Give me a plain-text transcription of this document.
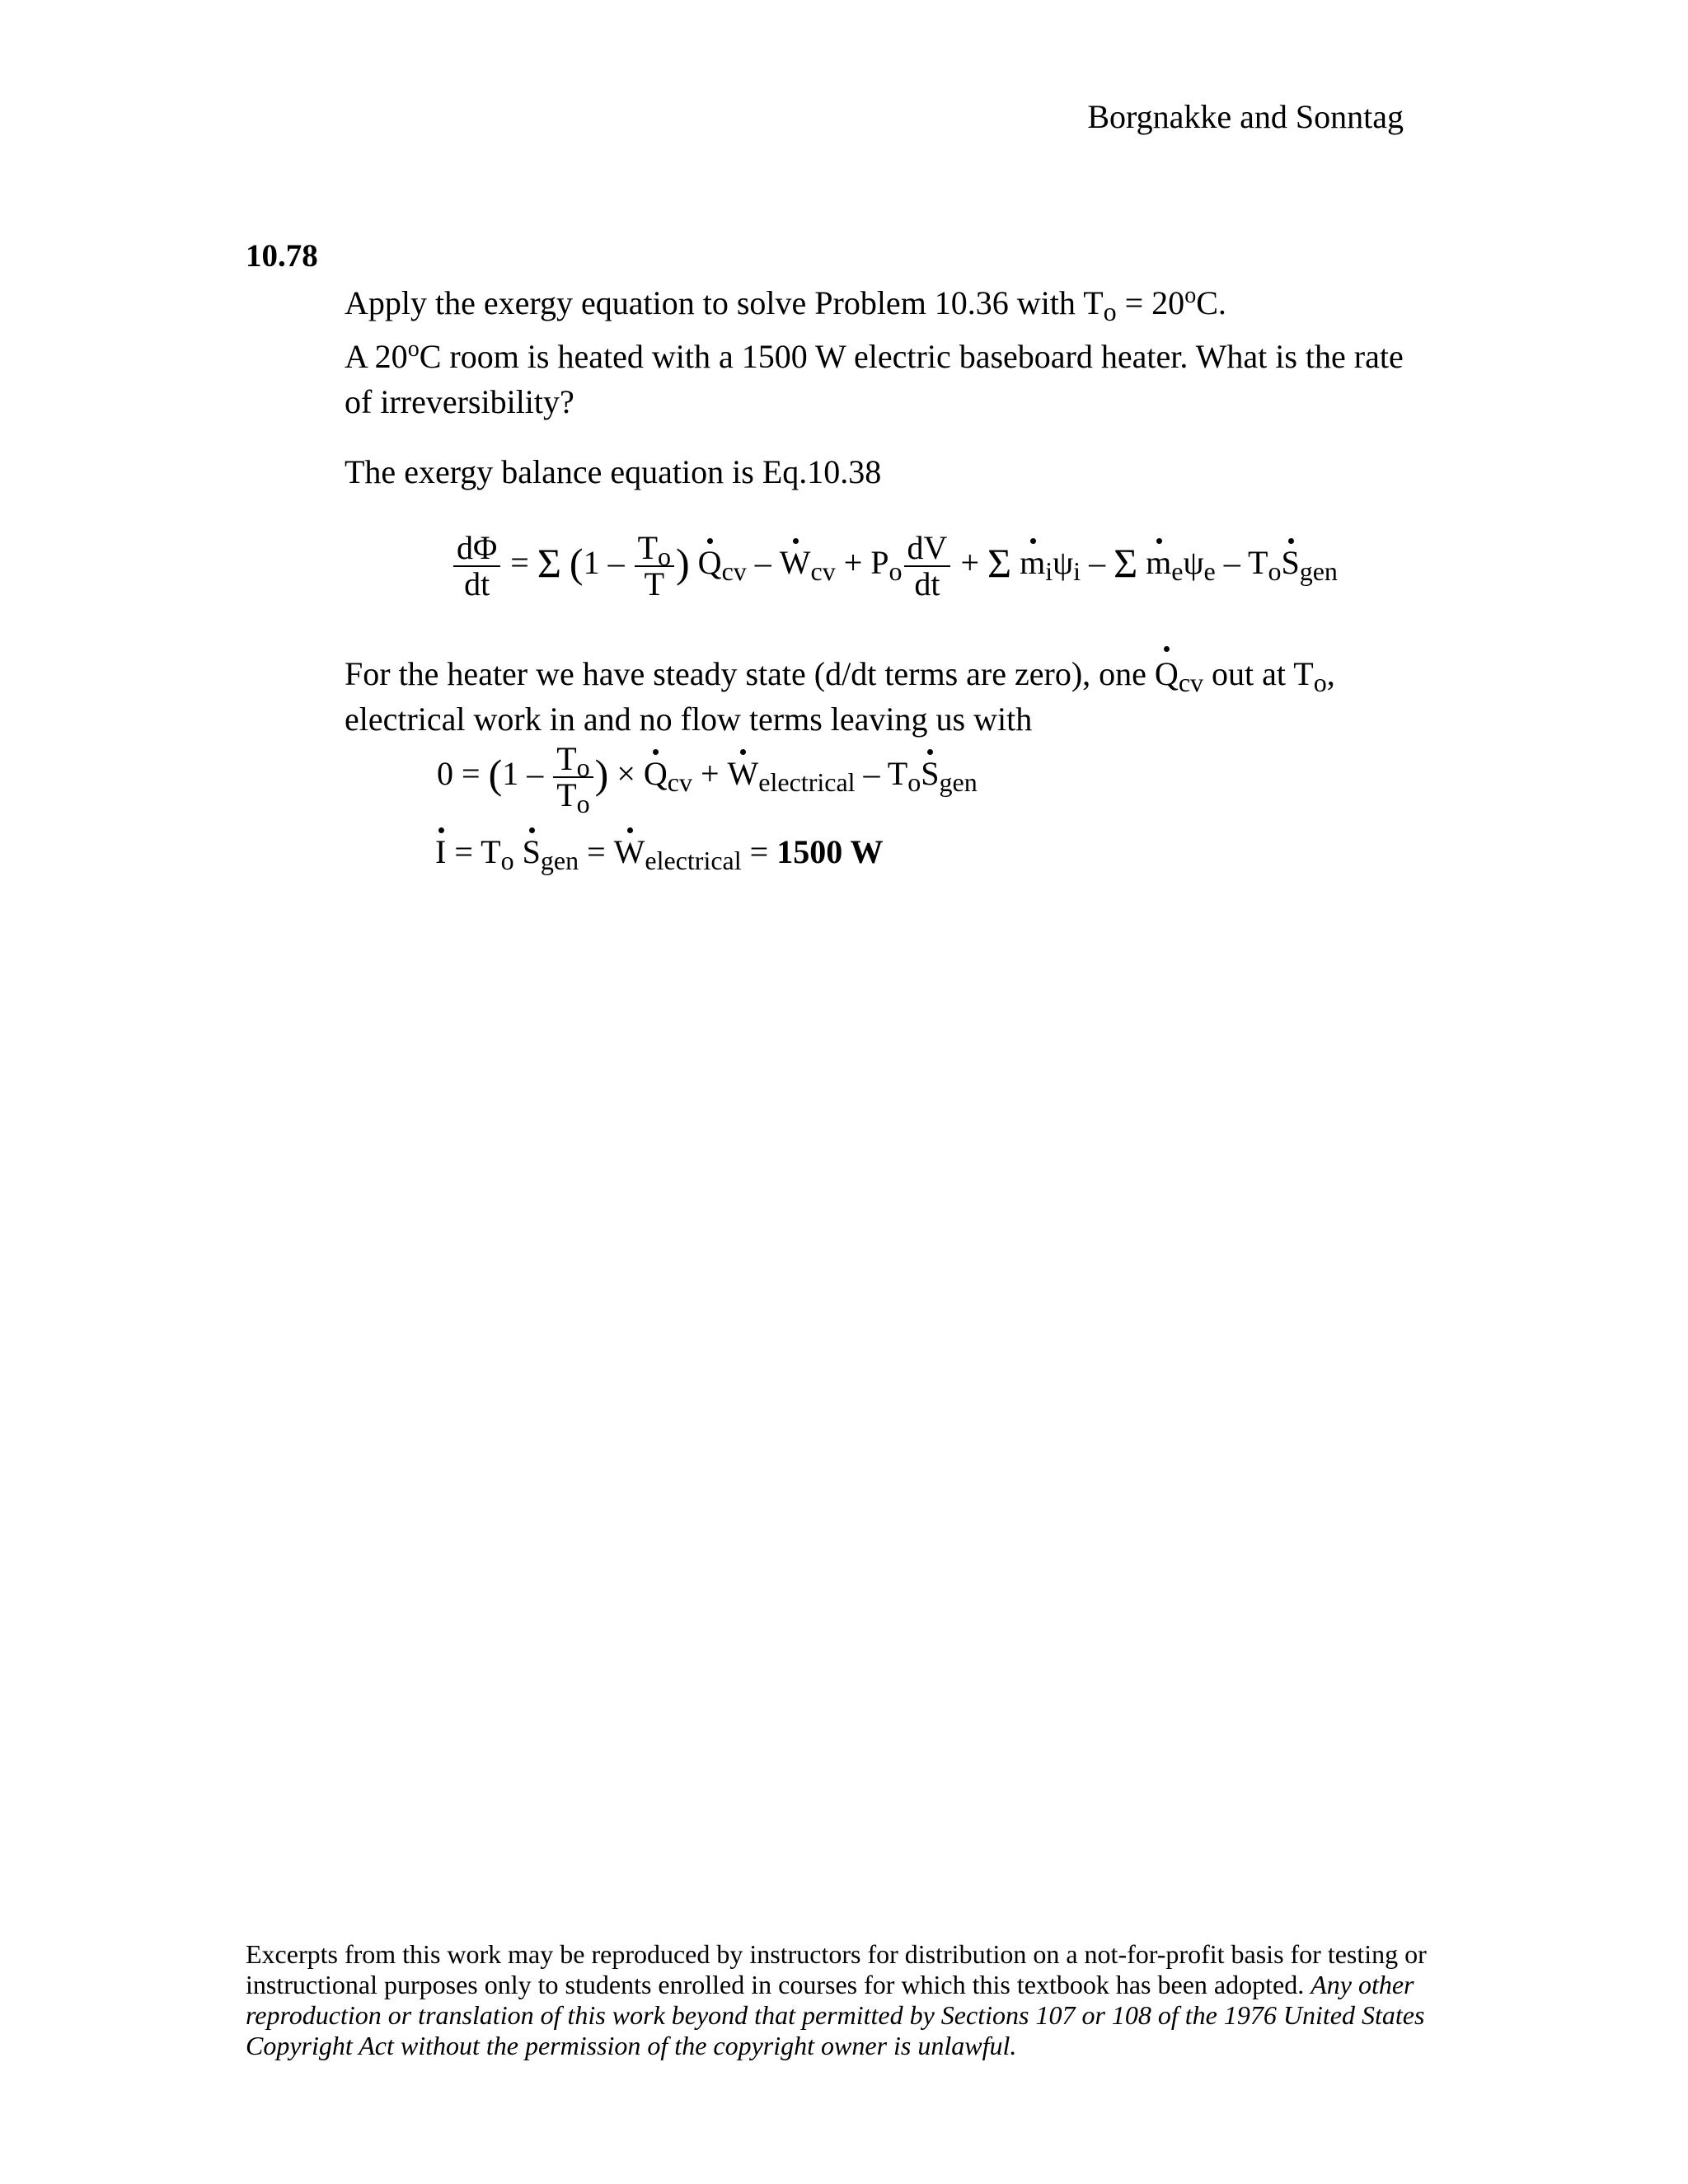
Borgnakke and Sonntag
10.78
Apply the exergy equation to solve Problem 10.36 with $T_o = 20^oC$.
A 20$^o$C room is heated with a 1500 W electric baseboard heater. What is the rate
of irreversibility?
The exergy balance equation is Eq.10.38
$\frac{d\Phi}{dt} = \Sigma$ ($1 - \frac{T_o}{T}$ ) $Q_{cv} - W_{cv} + P_o \frac{dV}{dt} + \Sigma$ $m_i\psi_i$ – Σ $m_e\psi_e - T_oS_{gen}$
For the heater we have steady state (d/dt terms are zero), one $Q_{cv}$ out at $T_o$,
electrical work in and no flow terms leaving us with
$0 = (1 - \frac{T_o}{T_o}$ ) × $Q_{cv} + W_{electrical} - T_oS_{gen}$
$I = T_o$ $S_{gen} = W_{electrical} = 1500$ W
Excerpts from this work may be reproduced by instructors for distribution on a not-for-profit basis for testing or instructional purposes only to students enrolled in courses for which this textbook has been adopted. Any other reproduction or translation of this work beyond that permitted by Sections 107 or 108 of the 1976 United States Copyright Act without the permission of the copyright owner is unlawful.
